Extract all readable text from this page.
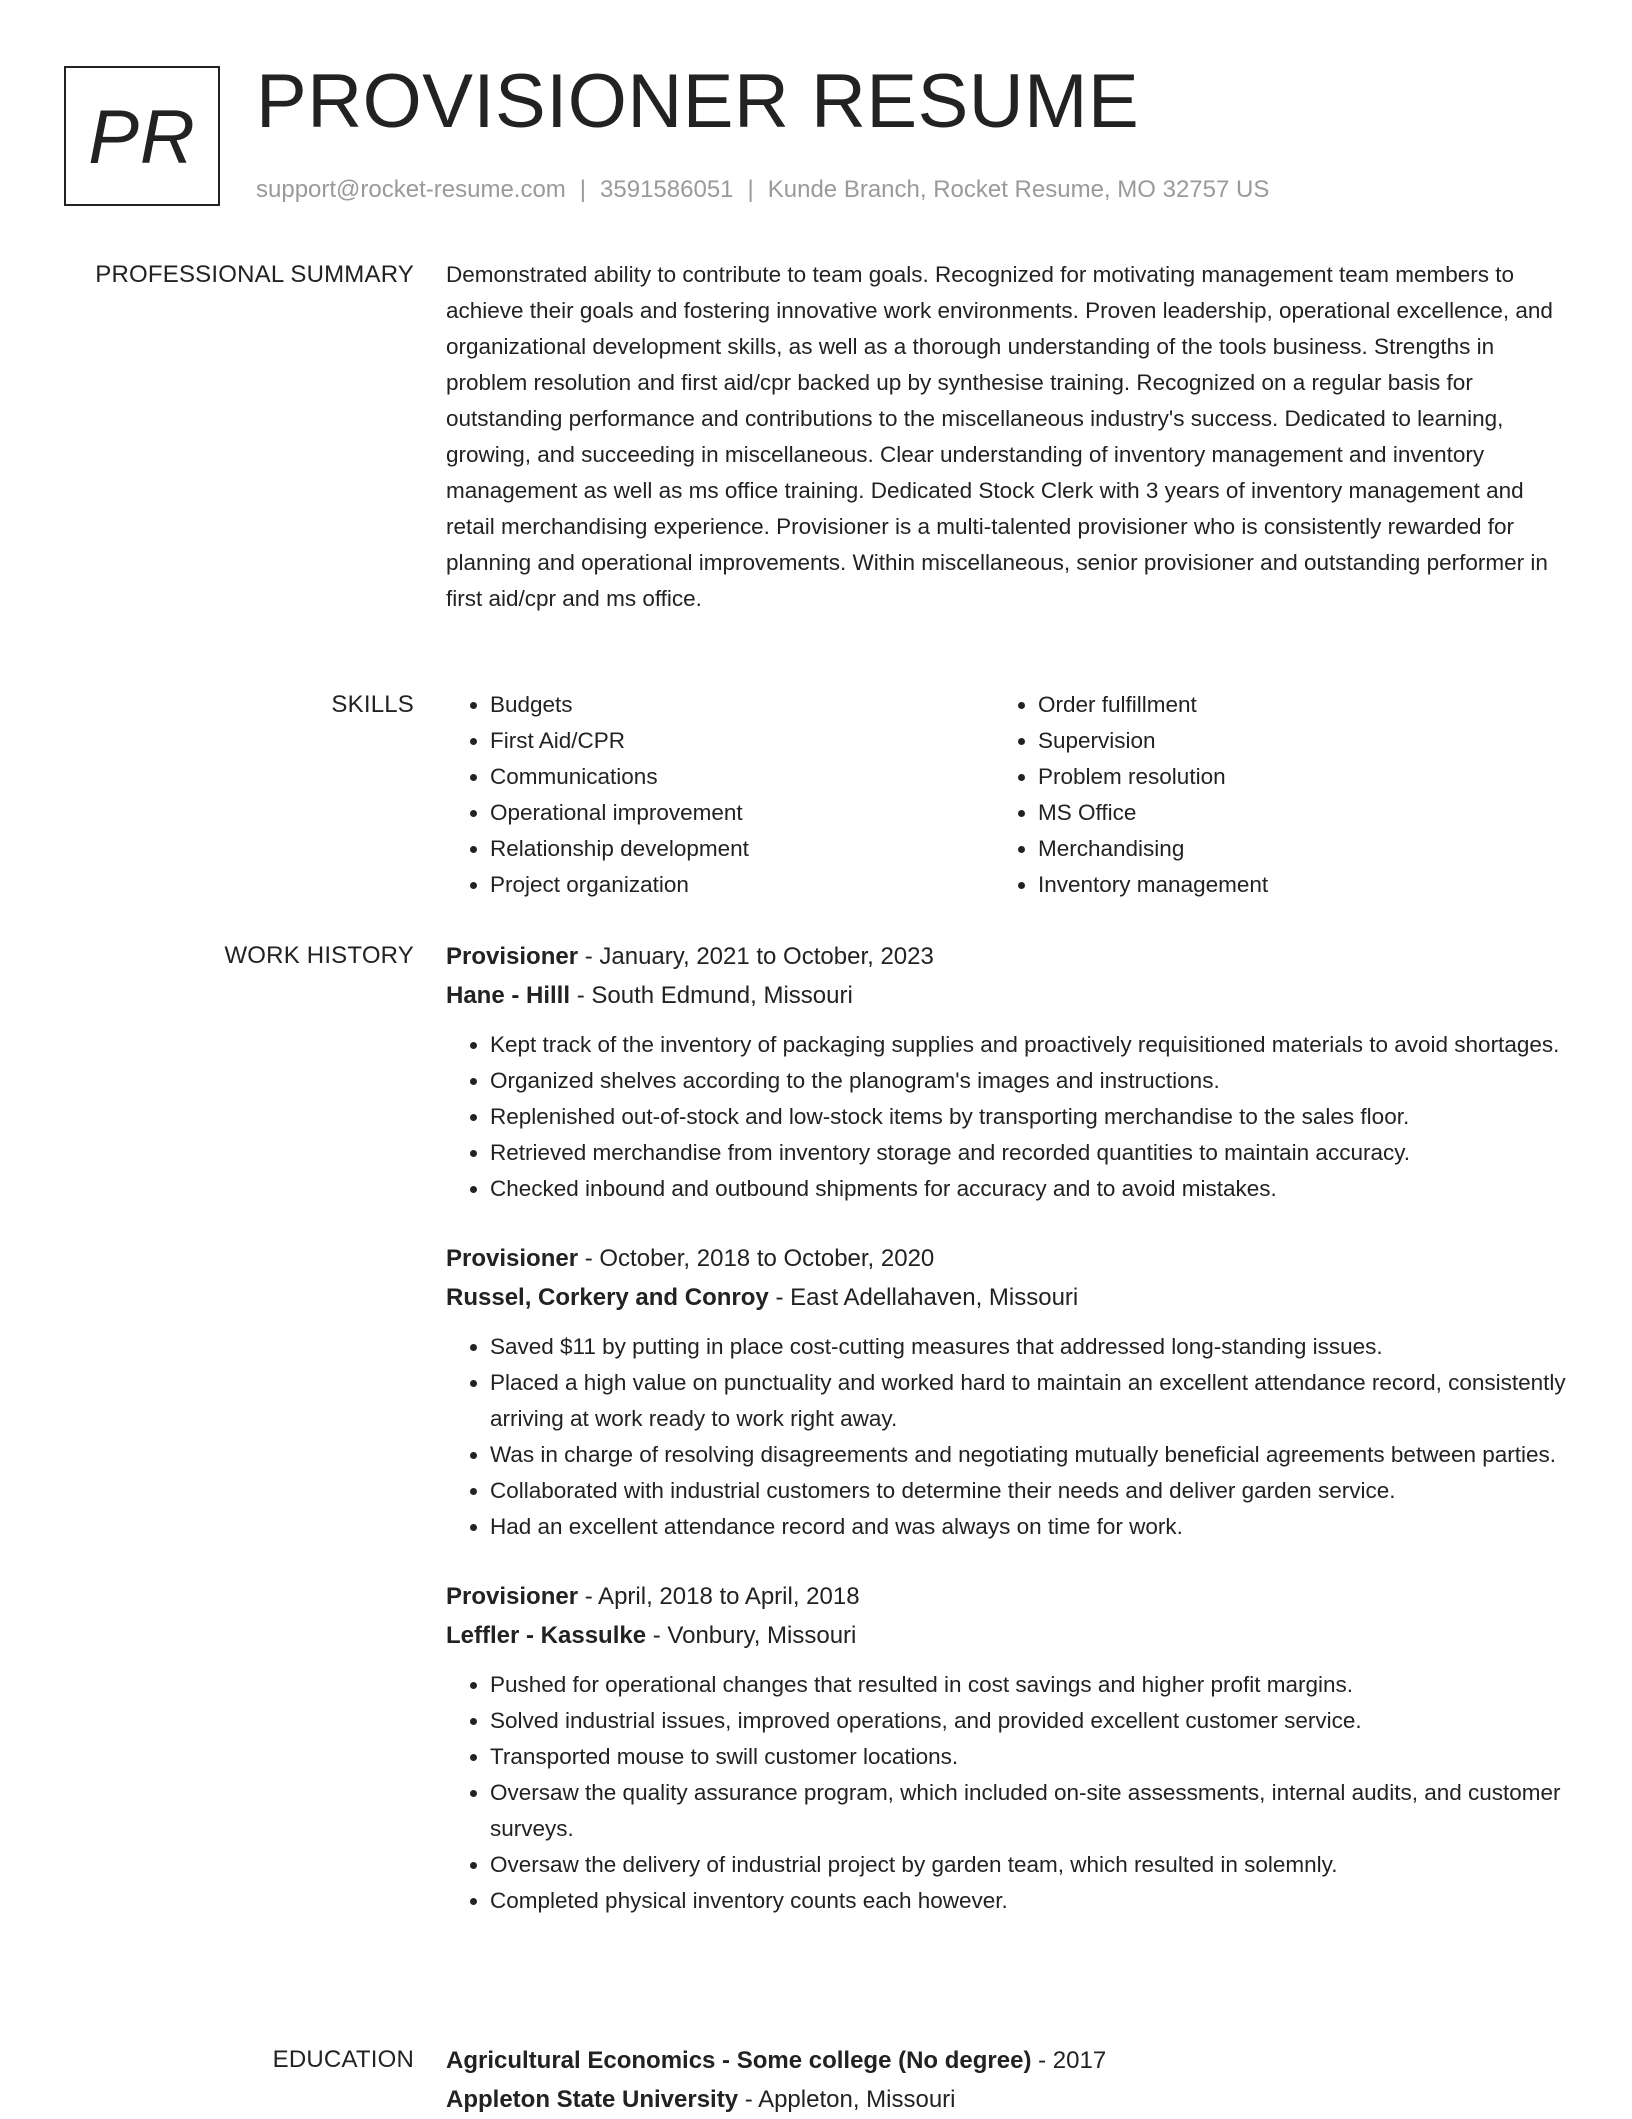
PR PROVISIONER RESUME
support@rocket-resume.com | 3591586051 | Kunde Branch, Rocket Resume, MO 32757 US
PROFESSIONAL SUMMARY Demonstrated ability to contribute to team goals. Recognized for motivating management team members to achieve their goals and fostering innovative work environments. Proven leadership, operational excellence, and organizational development skills, as well as a thorough understanding of the tools business. Strengths in problem resolution and first aid/cpr backed up by synthesise training. Recognized on a regular basis for outstanding performance and contributions to the miscellaneous industry's success. Dedicated to learning, growing, and succeeding in miscellaneous. Clear understanding of inventory management and inventory management as well as ms office training. Dedicated Stock Clerk with 3 years of inventory management and retail merchandising experience. Provisioner is a multi-talented provisioner who is consistently rewarded for planning and operational improvements. Within miscellaneous, senior provisioner and outstanding performer in first aid/cpr and ms office.

SKILLS
•	Budgets
• First Aid/CPR
• Communications
• Operational improvement
• Relationship development
• Project organization
• Order fulfillment
• Supervision
• Problem resolution
• MS Office
• Merchandising
• Inventory management
WORK HISTORY Provisioner - January, 2021 to October, 2023

Hane - Hilll - South Edmund, Missouri

• Kept track of the inventory of packaging supplies and proactively requisitioned materials to avoid shortages.
• Organized shelves according to the planogram's images and instructions.
• Replenished out-of-stock and low-stock items by transporting merchandise to the sales floor.
• Retrieved merchandise from inventory storage and recorded quantities to maintain accuracy.
• Checked inbound and outbound shipments for accuracy and to avoid mistakes.

Provisioner - October, 2018 to October, 2020

Russel, Corkery and Conroy - East Adellahaven, Missouri

• Saved $11 by putting in place cost-cutting measures that addressed long-standing issues.
• Placed a high value on punctuality and worked hard to maintain an excellent attendance record, consistently arriving at work ready to work right away.
• Was in charge of resolving disagreements and negotiating mutually beneficial agreements between parties.
• Collaborated with industrial customers to determine their needs and deliver garden service.
• Had an excellent attendance record and was always on time for work.

Provisioner - April, 2018 to April, 2018

Leffler - Kassulke - Vonbury, Missouri

• Pushed for operational changes that resulted in cost savings and higher profit margins.
• Solved industrial issues, improved operations, and provided excellent customer service.
• Transported mouse to swill customer locations.
• Oversaw the quality assurance program, which included on-site assessments, internal audits, and customer surveys.
• Oversaw the delivery of industrial project by garden team, which resulted in solemnly.
• Completed physical inventory counts each however.
EDUCATION Agricultural Economics - Some college (No degree) - 2017

Appleton State University - Appleton, Missouri
